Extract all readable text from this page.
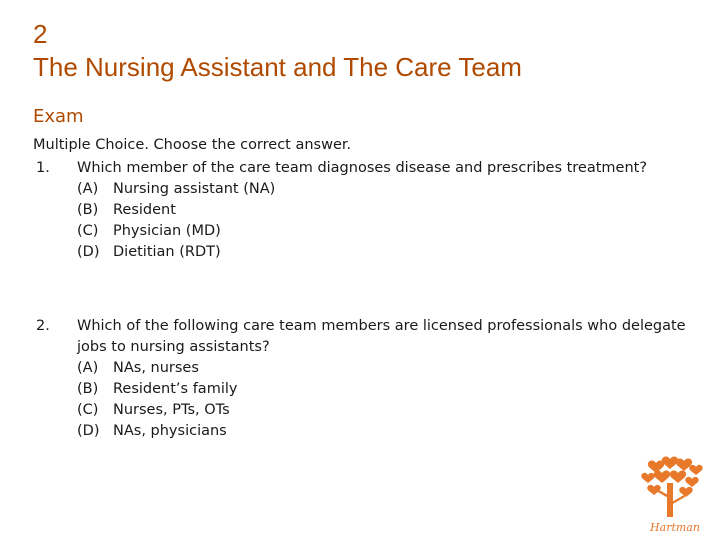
2
The Nursing Assistant and The Care Team
Exam
Multiple Choice. Choose the correct answer.
1. Which member of the care team diagnoses disease and prescribes treatment?
(A)	Nursing assistant (NA)
(B)	Resident
(C)	Physician (MD)
(D) Dietitian (RDT)
2. Which of the following care team members are licensed professionals who delegate jobs to nursing assistants?
(A)	NAs, nurses
(B)	Resident’s family
(C)	Nurses, PTs, OTs
(D) NAs, physicians
Hartman
